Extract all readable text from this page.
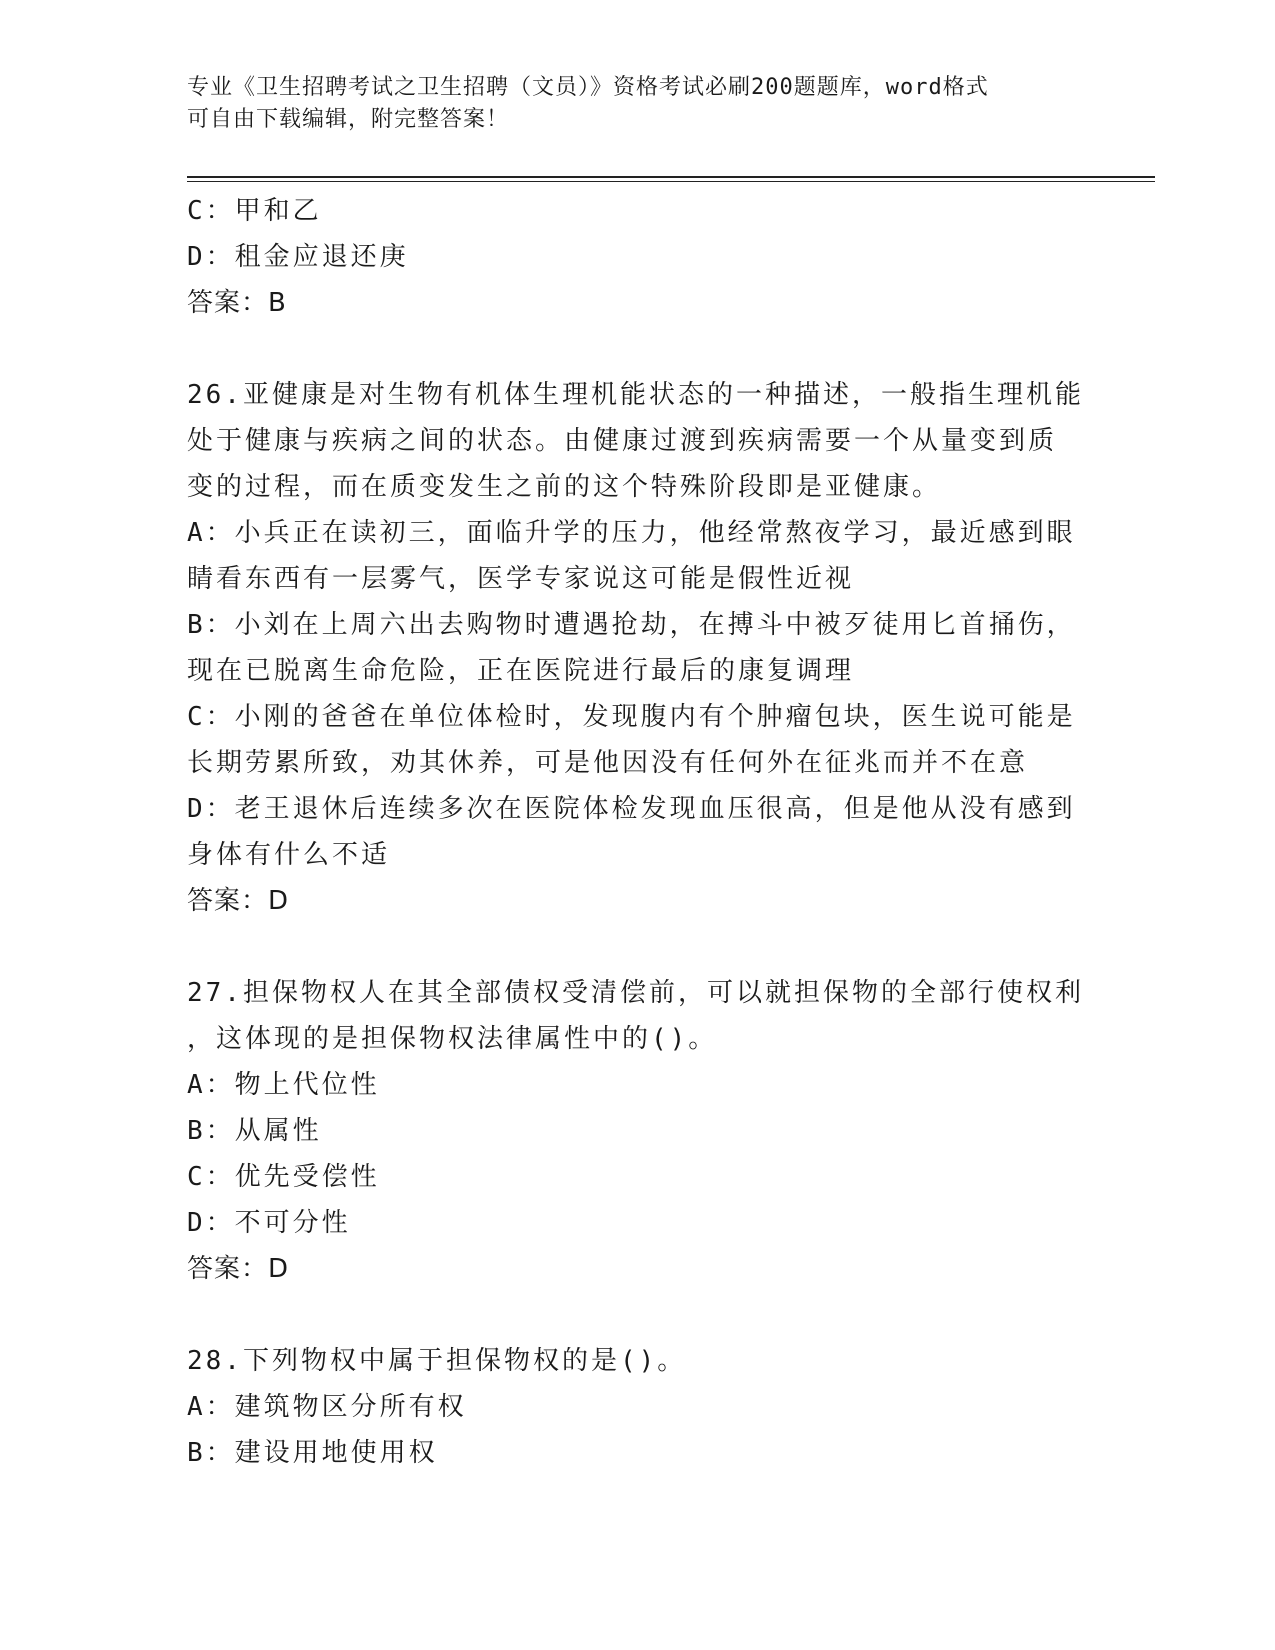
专业《卫生招聘考试之卫生招聘（文员）》资格考试必刷200题题库，word格式
可自由下载编辑，附完整答案！

C：甲和乙

D：租金应退还庚

答案：B

26.亚健康是对生物有机体生理机能状态的一种描述，一般指生理机能

处于健康与疾病之间的状态。由健康过渡到疾病需要一个从量变到质

变的过程，而在质变发生之前的这个特殊阶段即是亚健康。

A：小兵正在读初三，面临升学的压力，他经常熬夜学习，最近感到眼

睛看东西有一层雾气，医学专家说这可能是假性近视

B：小刘在上周六出去购物时遭遇抢劫，在搏斗中被歹徒用匕首捅伤，

现在已脱离生命危险，正在医院进行最后的康复调理

C：小刚的爸爸在单位体检时，发现腹内有个肿瘤包块，医生说可能是

长期劳累所致，劝其休养，可是他因没有任何外在征兆而并不在意

D：老王退休后连续多次在医院体检发现血压很高，但是他从没有感到

身体有什么不适

答案：D

27.担保物权人在其全部债权受清偿前，可以就担保物的全部行使权利

，这体现的是担保物权法律属性中的()。

A：物上代位性

B：从属性

C：优先受偿性

D：不可分性

答案：D

28.下列物权中属于担保物权的是()。

A：建筑物区分所有权

B：建设用地使用权
